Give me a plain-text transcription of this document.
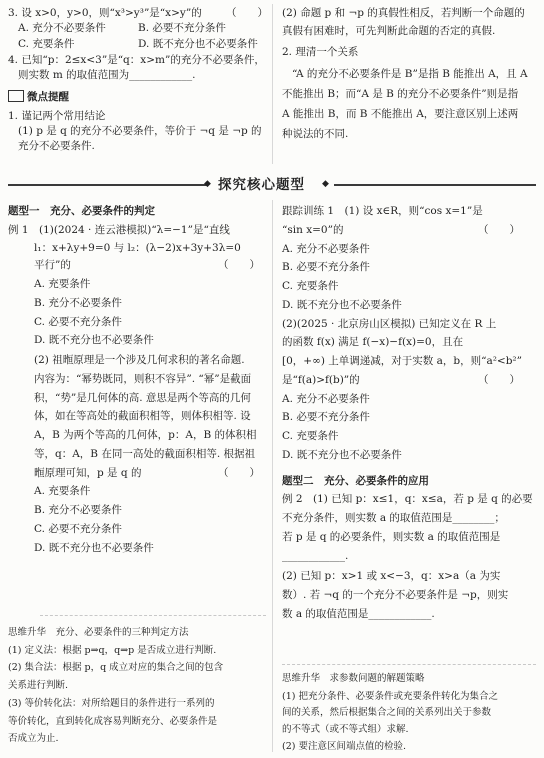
3. 设 x>0，y>0，则“x³>y³”是“x>y”的 （　　）
A. 充分不必要条件	B. 必要不充分条件
C. 充要条件	D. 既不充分也不必要条件
4. 已知“p：2≤x<3”是“q：x>m”的充分不必要条件，
则实数 m 的取值范围为____________.
微点提醒
1. 谨记两个常用结论
(1) p 是 q 的充分不必要条件，等价于 ¬q 是 ¬p 的
充分不必要条件.
(2) 命题 p 和 ¬p 的真假性相反，若判断一个命题的
真假有困难时，可先判断此命题的否定的真假.
2. 理清一个关系
“A 的充分不必要条件是 B”是指 B 能推出 A，且 A
不能推出 B；而“A 是 B 的充分不必要条件”则是指
A 能推出 B，而 B 不能推出 A，要注意区别上述两
种说法的不同.
◆ 探究核心题型 ◆
题型一　充分、必要条件的判定
例 1　(1)(2024 · 连云港模拟)“λ=−1”是“直线
l₁：x+λy+9=0 与 l₂：(λ−2)x+3y+3λ=0
平行”的	（　　）
A. 充要条件
B. 充分不必要条件
C. 必要不充分条件
D. 既不充分也不必要条件
(2) 祖暅原理是一个涉及几何求积的著名命题.
内容为：“幂势既同，则积不容异”. “幂”是截面
积，“势”是几何体的高. 意思是两个等高的几何
体，如在等高处的截面积相等，则体积相等. 设
A，B 为两个等高的几何体，p：A，B 的体积相
等，q：A，B 在同一高处的截面积相等. 根据祖
暅原理可知，p 是 q 的	（　　）
A. 充要条件
B. 充分不必要条件
C. 必要不充分条件
D. 既不充分也不必要条件
思维升华　充分、必要条件的三种判定方法
(1) 定义法：根据 p⇒q，q⇒p 是否成立进行判断.
(2) 集合法：根据 p，q 成立对应的集合之间的包含
关系进行判断.
(3) 等价转化法：对所给题目的条件进行一系列的
等价转化，直到转化成容易判断充分、必要条件是
否成立为止.
跟踪训练 1　(1) 设 x∈R，则“cos x=1”是
“sin x=0”的	（　　）
A. 充分不必要条件
B. 必要不充分条件
C. 充要条件
D. 既不充分也不必要条件
(2)(2025 · 北京房山区模拟) 已知定义在 R 上
的函数 f(x) 满足 f(−x)−f(x)=0，且在
[0，+∞) 上单调递减，对于实数 a，b，则“a²<b²”
是“f(a)>f(b)”的	（　　）
A. 充分不必要条件
B. 必要不充分条件
C. 充要条件
D. 既不充分也不必要条件
题型二　充分、必要条件的应用
例 2　(1) 已知 p：x≤1，q：x≤a，若 p 是 q 的必要
不充分条件，则实数 a 的取值范围是________；
若 p 是 q 的必要条件，则实数 a 的取值范围是
____________.
(2) 已知 p：x>1 或 x<−3，q：x>a（a 为实
数）. 若 ¬q 的一个充分不必要条件是 ¬p，则实
数 a 的取值范围是____________.
思维升华　求参数问题的解题策略
(1) 把充分条件、必要条件或充要条件转化为集合之
间的关系，然后根据集合之间的关系列出关于参数
的不等式（或不等式组）求解.
(2) 要注意区间端点值的检验.
